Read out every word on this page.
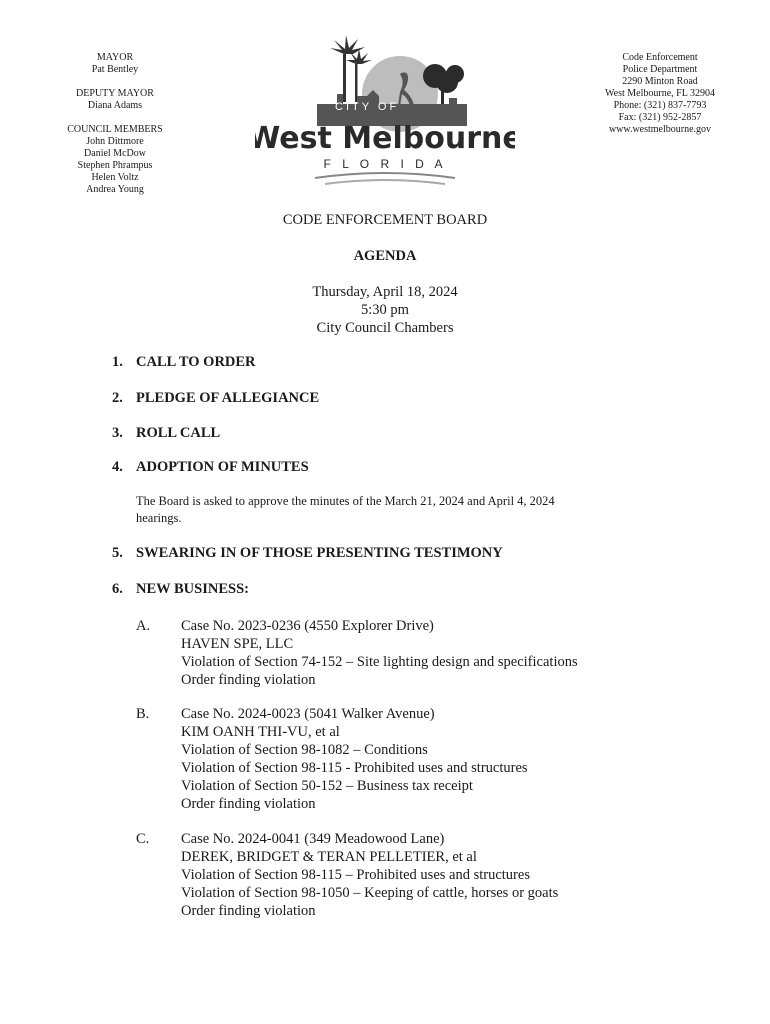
MAYOR
Pat Bentley
DEPUTY MAYOR
Diana Adams
COUNCIL MEMBERS
John Dittmore
Daniel McDow
Stephen Phrampus
Helen Voltz
Andrea Young
CITY OF
West Melbourne
F L O R I D A
Code Enforcement
Police Department
2290 Minton Road
West Melbourne, FL 32904
Phone: (321) 837-7793
Fax: (321) 952-2857
www.westmelbourne.gov
CODE ENFORCEMENT BOARD
AGENDA
Thursday, April 18, 2024
5:30 pm
City Council Chambers
1. CALL TO ORDER
2. PLEDGE OF ALLEGIANCE
3. ROLL CALL
4. ADOPTION OF MINUTES
The Board is asked to approve the minutes of the March 21, 2024 and April 4, 2024 hearings.
5. SWEARING IN OF THOSE PRESENTING TESTIMONY
6. NEW BUSINESS:
A. Case No. 2023-0236 (4550 Explorer Drive)
HAVEN SPE, LLC
Violation of Section 74-152 – Site lighting design and specifications
Order finding violation
B. Case No. 2024-0023 (5041 Walker Avenue)
KIM OANH THI-VU, et al
Violation of Section 98-1082 – Conditions
Violation of Section 98-115 - Prohibited uses and structures
Violation of Section 50-152 – Business tax receipt
Order finding violation
C. Case No. 2024-0041 (349 Meadowood Lane)
DEREK, BRIDGET & TERAN PELLETIER, et al
Violation of Section 98-115 – Prohibited uses and structures
Violation of Section 98-1050 – Keeping of cattle, horses or goats
Order finding violation
